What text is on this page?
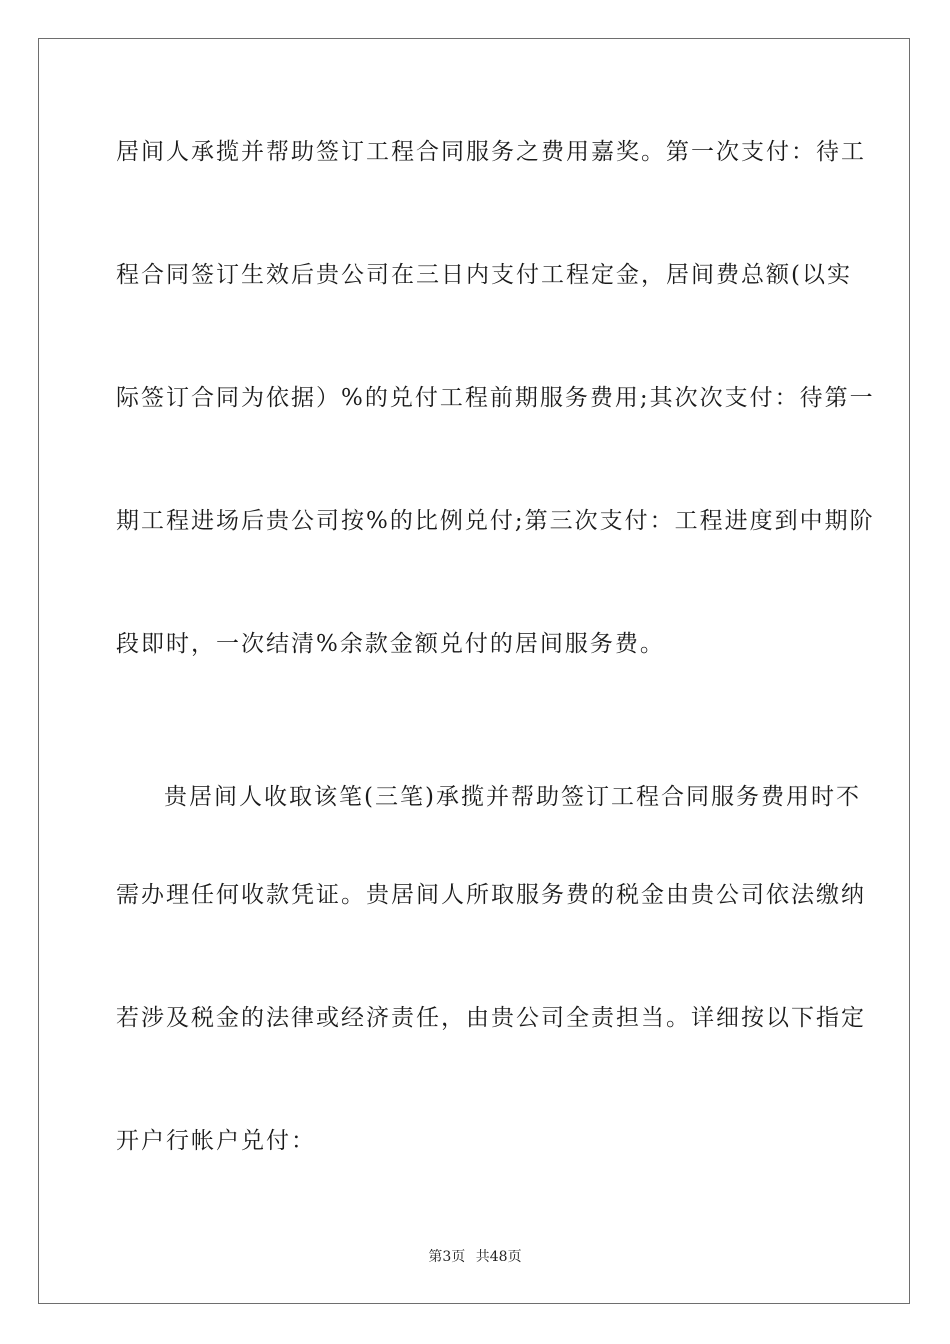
居间人承揽并帮助签订工程合同服务之费用嘉奖。第一次支付：待工
程合同签订生效后贵公司在三日内支付工程定金，居间费总额(以实
际签订合同为依据）%的兑付工程前期服务费用;其次次支付：待第一
期工程进场后贵公司按%的比例兑付;第三次支付：工程进度到中期阶
段即时，一次结清%余款金额兑付的居间服务费。
贵居间人收取该笔(三笔)承揽并帮助签订工程合同服务费用时不
需办理任何收款凭证。贵居间人所取服务费的税金由贵公司依法缴纳
若涉及税金的法律或经济责任，由贵公司全责担当。详细按以下指定
开户行帐户兑付：
第3页 共48页
